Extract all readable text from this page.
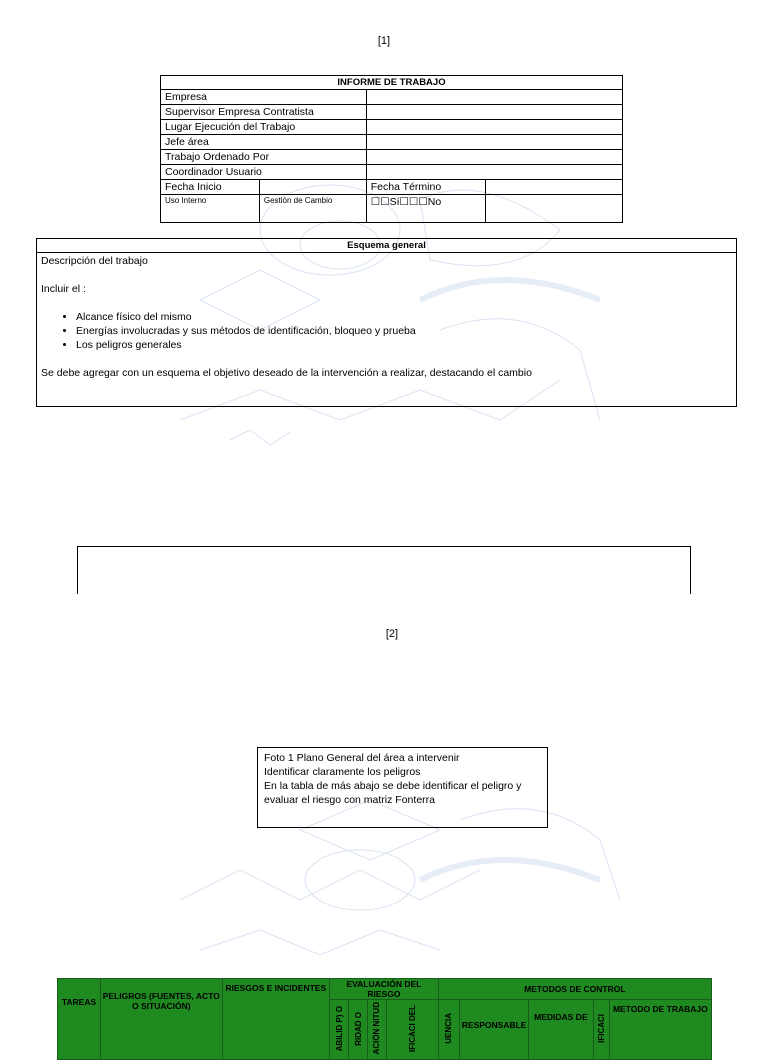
[1]
INFORME DE TRABAJO			
Empresa			
Supervisor Empresa Contratista			
Lugar Ejecución del Trabajo			
Jefe área			
Trabajo Ordenado Por			
Coordinador Usuario			
Fecha Inicio		Fecha Término	
Uso Interno	Gestión de Cambio	☐☐Sí☐☐☐No	
Esquema general

Descripción del trabajo

Incluir el :

• Alcance físico del mismo
• Energías involucradas y sus métodos de identificación, bloqueo y prueba
• Los peligros generales

Se debe agregar con un esquema el objetivo deseado de la intervención a realizar, destacando el cambio

[2]
Foto 1 Plano General del área a intervenir
Identificar claramente los peligros
En la tabla de más abajo se debe identificar el peligro y
evaluar el riesgo con matriz Fonterra
TAREAS	PELIGROS (FUENTES, ACTO O SITUACIÓN)	RIESGOS E INCIDENTES	EVALUACIÓN DEL RIESGO				METODOS DE CONTROL				
			ABILID P) O	RIDAD O	ACIÓN NITUD	IFICACI DEL	UENCIA	RESPONSABLE	MEDIDAS DE	IFICACI	METODO DE TRABAJO
